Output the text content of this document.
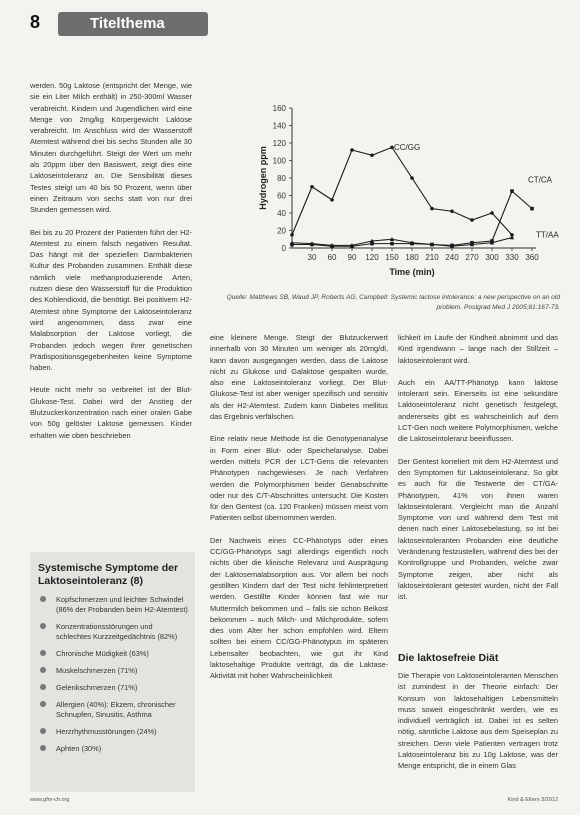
8	Titelthema

werden. 50g Laktose (entspricht der Menge, wie sie ein Liter Milch enthält) in 250-300ml Wasser verabreicht. Kindern und Jugendlichen wird eine Menge von 2mg/kg Körpergewicht Laktose verabreicht. Im Anschluss wird der Wasserstoff Atemtest während drei bis sechs Stunden alle 30 Minuten durchgeführt. Steigt der Wert um mehr als 20ppm über den Basiswert, zeigt dies eine Laktoseintoleranz an. Die Sensibilität dieses Testes steigt um 40 bis 50 Prozent, wenn über einen Zeitraum von sechs statt von nur drei Stunden gemessen wird.

Bei bis zu 20 Prozent der Patienten führt der H2-Atemtest zu einem falsch negativen Resultat. Das hängt mit der speziellen Darmbakterien Kultur des Probanden zusammen. Enthält diese nämlich viele methanproduzierende Arten, nutzen diese den Wasserstoff für die Produktion des Kohlendioxid, die benötigt. Bei positivem H2-Atemtest ohne Symptome der Laktoseintoleranz wird angenommen, dass zwar eine Malabsorption der Laktose vorliegt, die Probanden jedoch wegen ihrer genetischen Prädispositionsgegebenheiten keine Symptome haben.

Heute nicht mehr so verbreitet ist der Blut-Glukose-Test. Dabei wird der Anstieg der Blutzuckerkonzentration nach einer oralen Gabe von 50g gelöster Laktose gemessen. Kinder erhalten wie oben beschrieben

Systemische Symptome der Laktoseintoleranz (8)
Kopfschmerzen und leichter Schwindel (86% der Probanden beim H2-Atemtest)
Konzentrationsstörungen und schlechtes Kurzzeitgedächtnis (82%)
Chronische Müdigkeit (63%)
Muskelschmerzen (71%)
Gelenkschmerzen (71%)
Allergien (40%): Ekzem, chronischer Schnupfen, Sinusitis, Asthma
Herzrhythmusstörungen (24%)
Aphten (30%)
0
20
40
60
80
100
120
140
160
30 60 90 120 150 180 210 240 270 300 330 360
Time (min)
Hydrogen ppm	CC/GG
CT/CA
TT/AA
Quelle: Matthews SB, Waud JP, Roberts AG, Campbell: Systemic lactose intolerance: a new perspective on an old problem. Postgrad Med J 2005;81:167-73.

eine kleinere Menge. Steigt der Blutzuckerwert innerhalb von 30 Minuten um weniger als 20mg/dl, kann davon ausgegangen werden, dass die Laktose nicht zu Glukose und Galaktose gespalten wurde, also eine Laktoseintoleranz vorliegt. Der Blut-Glukose-Test ist aber weniger spezifisch und sensitiv als der H2-Atemtest. Zudem kann Diabetes mellitus das Ergebnis verfälschen.

Eine relativ neue Methode ist die Genotypenanalyse in Form einer Blut- oder Speichelanalyse. Dabei werden mittels PCR der LCT-Gens die relevanten Phänotypen nachgewiesen. Je nach Verfahren werden die Polymorphismen beider Genabschnitte oder nur des C/T-Abschnittes untersucht. Die Kosten für den Gentest (ca. 120 Franken) müssen meist vom Patienten selbst übernommen werden.

Der Nachweis eines CC-Phänotyps oder eines CC/GG-Phänotyps sagt allerdings eigentlich noch nichts über die klinische Relevanz und Ausprägung der Laktosemalabsorption aus. Vor allem bei noch gestillten Kindern darf der Test nicht fehlinterpretiert werden. Gestillte Kinder können fast wie nur Muttermilch bekommen und – falls sie schon Beikost bekommen – auch Milch- und Milchprodukte, sofern dies vom Alter her schon empfohlen wird. Eltern sollten bei einem CC/GG-Phänotypus im späteren Lebensalter beobachten, wie gut ihr Kind laktosehaltige Produkte verträgt, da die Laktase-Aktivität mit hoher Wahrscheinlichkeit

lichkeit im Laufe der Kindheit abnimmt und das Kind irgendwann – lange nach der Stillzeit – laktoseintolerant wird.

Auch ein AA/TT-Phänotyp kann laktose intolerant sein. Einerseits ist eine sekundäre Laktoseintoleranz nicht genetisch festgelegt, andererseits gibt es wahrscheinlich auf dem LCT-Gen noch weitere Polymorphismen, welche die Laktoseintoleranz beeinflussen.

Der Gentest korreliert mit dem H2-Atemtest und den Symptomen für Laktoseintoleranz. So gibt es auch für die Testwerte der CT/GA-Phänotypen, 41% von ihnen waren laktoseintolerant. Vergleicht man die Anzahl Symptome von und während dem Test mit denen nach einer Laktosebelastung, so ist bei laktoseintoleranten Probanden eine deutliche Veränderung festzustellen, während dies bei der Kontrollgruppe und Probanden, welche zwar Symptome zeigen, aber nicht als laktoseintolerant getestet wurden, nicht der Fall ist.

Die laktosefreie Diät

Die Therapie von Laktoseintoleranten Menschen ist zumindest in der Theorie einfach: Der Konsum von laktosehaltigen Lebensmitteln muss soweit eingeschränkt werden, wie es individuell verträglich ist. Dabei ist es selten nötig, sämtliche Laktose aus dem Speiseplan zu streichen. Denn viele Patienten vertragen trotz Laktoseintoleranz bis zu 10g Laktose, was der Menge entspricht, die in einem Glas

www.gfm-ch.org	Kind & Eltern 3/2012
